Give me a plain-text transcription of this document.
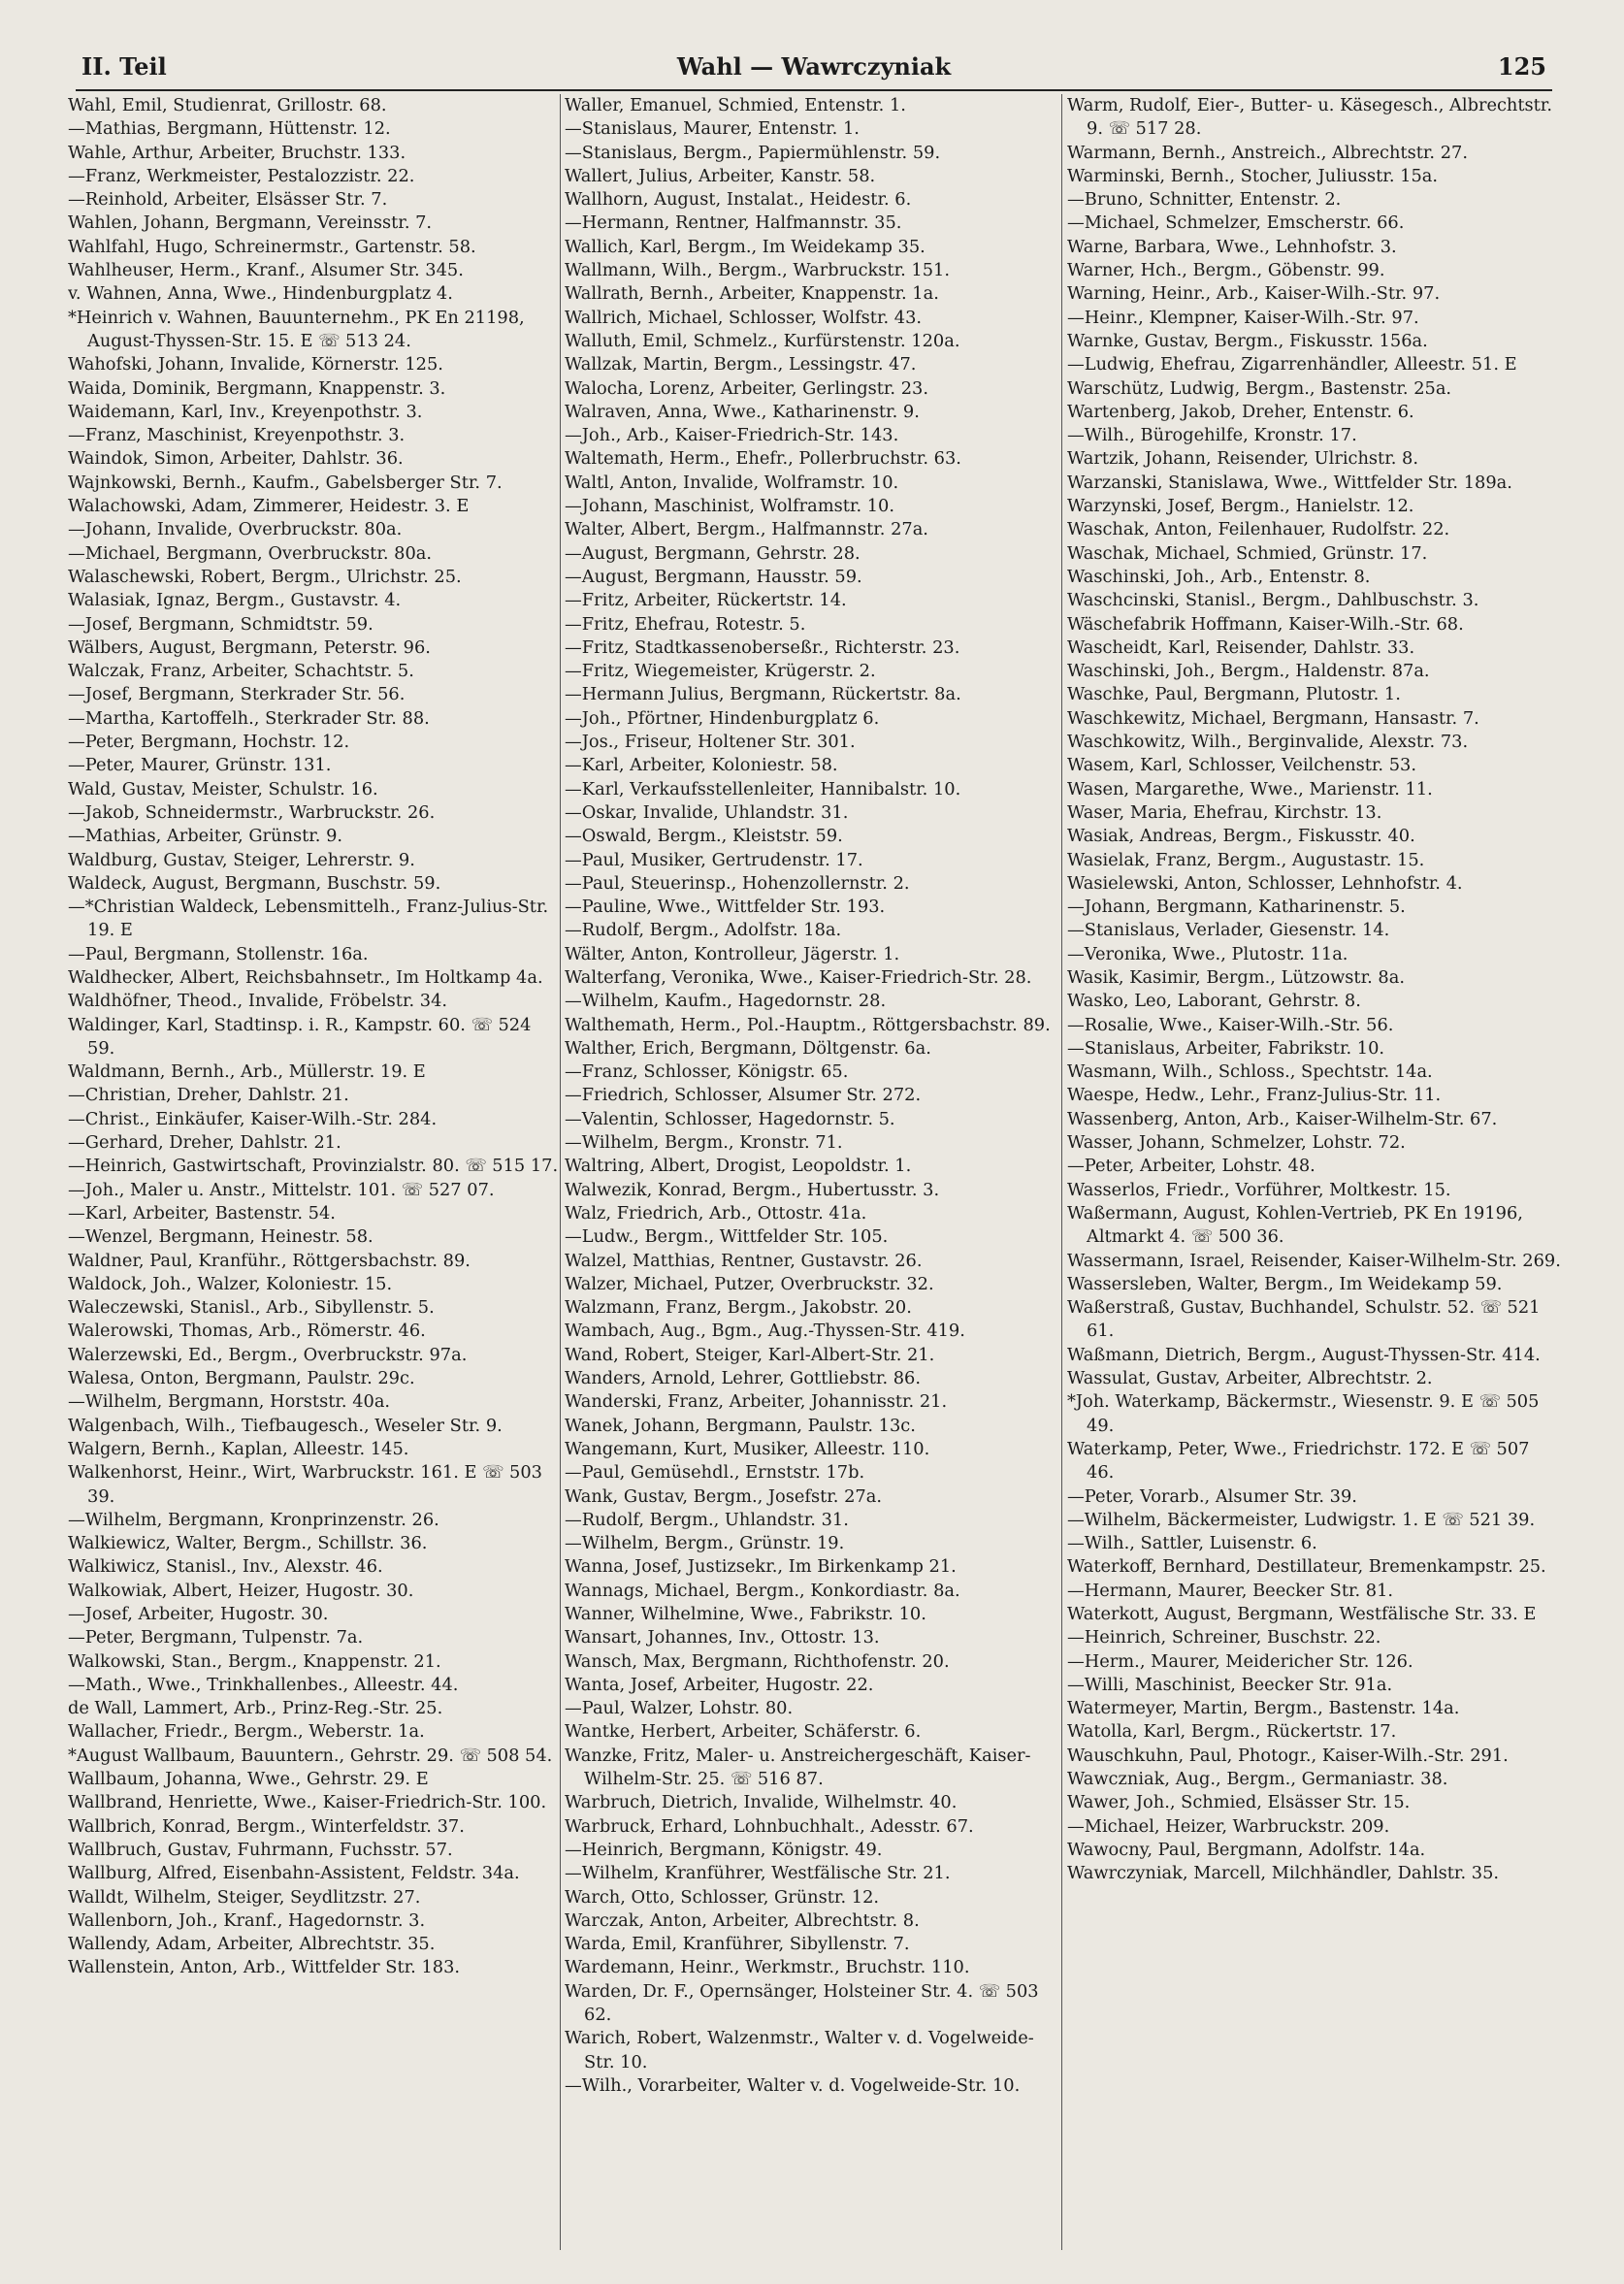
II. Teil	Wahl — Wawrczyniak	125

Wahl, Emil, Studienrat, Grillostr. 68.

—Mathias, Bergmann, Hüttenstr. 12.

Wahle, Arthur, Arbeiter, Bruchstr. 133.

—Franz, Werkmeister, Pestalozzistr. 22.

—Reinhold, Arbeiter, Elsässer Str. 7.

Wahlen, Johann, Bergmann, Vereinsstr. 7.

Wahlfahl, Hugo, Schreinermstr., Gartenstr. 58.

Wahlheuser, Herm., Kranf., Alsumer Str. 345.

v. Wahnen, Anna, Wwe., Hindenburgplatz 4.

*Heinrich v. Wahnen, Bauunternehm., PK En 21198, August-Thyssen-Str. 15. E ☏ 513 24.

Wahofski, Johann, Invalide, Körnerstr. 125.

Waida, Dominik, Bergmann, Knappenstr. 3.

Waidemann, Karl, Inv., Kreyenpothstr. 3.

—Franz, Maschinist, Kreyenpothstr. 3.

Waindok, Simon, Arbeiter, Dahlstr. 36.

Wajnkowski, Bernh., Kaufm., Gabelsberger Str. 7.

Walachowski, Adam, Zimmerer, Heidestr. 3. E

—Johann, Invalide, Overbruckstr. 80a.

—Michael, Bergmann, Overbruckstr. 80a.

Walaschewski, Robert, Bergm., Ulrichstr. 25.

Walasiak, Ignaz, Bergm., Gustavstr. 4.

—Josef, Bergmann, Schmidtstr. 59.

Wälbers, August, Bergmann, Peterstr. 96.

Walczak, Franz, Arbeiter, Schachtstr. 5.

—Josef, Bergmann, Sterkrader Str. 56.

—Martha, Kartoffelh., Sterkrader Str. 88.

—Peter, Bergmann, Hochstr. 12.

—Peter, Maurer, Grünstr. 131.

Wald, Gustav, Meister, Schulstr. 16.

—Jakob, Schneidermstr., Warbruckstr. 26.

—Mathias, Arbeiter, Grünstr. 9.

Waldburg, Gustav, Steiger, Lehrerstr. 9.

Waldeck, August, Bergmann, Buschstr. 59.

—*Christian Waldeck, Lebensmittelh., Franz-Julius-Str. 19. E

—Paul, Bergmann, Stollenstr. 16a.

Waldhecker, Albert, Reichsbahnsetr., Im Holtkamp 4a.

Waldhöfner, Theod., Invalide, Fröbelstr. 34.

Waldinger, Karl, Stadtinsp. i. R., Kampstr. 60. ☏ 524 59.

Waldmann, Bernh., Arb., Müllerstr. 19. E

—Christian, Dreher, Dahlstr. 21.

—Christ., Einkäufer, Kaiser-Wilh.-Str. 284.

—Gerhard, Dreher, Dahlstr. 21.

—Heinrich, Gastwirtschaft, Provinzialstr. 80. ☏ 515 17.

—Joh., Maler u. Anstr., Mittelstr. 101. ☏ 527 07.

—Karl, Arbeiter, Bastenstr. 54.

—Wenzel, Bergmann, Heinestr. 58.

Waldner, Paul, Kranführ., Röttgersbachstr. 89.

Waldock, Joh., Walzer, Koloniestr. 15.

Waleczewski, Stanisl., Arb., Sibyllenstr. 5.

Walerowski, Thomas, Arb., Römerstr. 46.

Walerzewski, Ed., Bergm., Overbruckstr. 97a.

Walesa, Onton, Bergmann, Paulstr. 29c.

—Wilhelm, Bergmann, Horststr. 40a.

Walgenbach, Wilh., Tiefbaugesch., Weseler Str. 9.

Walgern, Bernh., Kaplan, Alleestr. 145.

Walkenhorst, Heinr., Wirt, Warbruckstr. 161. E ☏ 503 39.

—Wilhelm, Bergmann, Kronprinzenstr. 26.

Walkiewicz, Walter, Bergm., Schillstr. 36.

Walkiwicz, Stanisl., Inv., Alexstr. 46.

Walkowiak, Albert, Heizer, Hugostr. 30.

—Josef, Arbeiter, Hugostr. 30.

—Peter, Bergmann, Tulpenstr. 7a.

Walkowski, Stan., Bergm., Knappenstr. 21.

—Math., Wwe., Trinkhallenbes., Alleestr. 44.

de Wall, Lammert, Arb., Prinz-Reg.-Str. 25.

Wallacher, Friedr., Bergm., Weberstr. 1a.

*August Wallbaum, Bauuntern., Gehrstr. 29. ☏ 508 54.

Wallbaum, Johanna, Wwe., Gehrstr. 29. E

Wallbrand, Henriette, Wwe., Kaiser-Friedrich-Str. 100.

Wallbrich, Konrad, Bergm., Winterfeldstr. 37.

Wallbruch, Gustav, Fuhrmann, Fuchsstr. 57.

Wallburg, Alfred, Eisenbahn-Assistent, Feldstr. 34a.

Walldt, Wilhelm, Steiger, Seydlitzstr. 27.

Wallenborn, Joh., Kranf., Hagedornstr. 3.

Wallendy, Adam, Arbeiter, Albrechtstr. 35.

Wallenstein, Anton, Arb., Wittfelder Str. 183.

Waller, Emanuel, Schmied, Entenstr. 1.

—Stanislaus, Maurer, Entenstr. 1.

—Stanislaus, Bergm., Papiermühlenstr. 59.

Wallert, Julius, Arbeiter, Kanstr. 58.

Wallhorn, August, Instalat., Heidestr. 6.

—Hermann, Rentner, Halfmannstr. 35.

Wallich, Karl, Bergm., Im Weidekamp 35.

Wallmann, Wilh., Bergm., Warbruckstr. 151.

Wallrath, Bernh., Arbeiter, Knappenstr. 1a.

Wallrich, Michael, Schlosser, Wolfstr. 43.

Walluth, Emil, Schmelz., Kurfürstenstr. 120a.

Wallzak, Martin, Bergm., Lessingstr. 47.

Walocha, Lorenz, Arbeiter, Gerlingstr. 23.

Walraven, Anna, Wwe., Katharinenstr. 9.

—Joh., Arb., Kaiser-Friedrich-Str. 143.

Waltemath, Herm., Ehefr., Pollerbruchstr. 63.

Waltl, Anton, Invalide, Wolframstr. 10.

—Johann, Maschinist, Wolframstr. 10.

Walter, Albert, Bergm., Halfmannstr. 27a.

—August, Bergmann, Gehrstr. 28.

—August, Bergmann, Hausstr. 59.

—Fritz, Arbeiter, Rückertstr. 14.

—Fritz, Ehefrau, Rotestr. 5.

—Fritz, Stadtkassenoberseßr., Richterstr. 23.

—Fritz, Wiegemeister, Krügerstr. 2.

—Hermann Julius, Bergmann, Rückertstr. 8a.

—Joh., Pförtner, Hindenburgplatz 6.

—Jos., Friseur, Holtener Str. 301.

—Karl, Arbeiter, Koloniestr. 58.

—Karl, Verkaufsstellenleiter, Hannibalstr. 10.

—Oskar, Invalide, Uhlandstr. 31.

—Oswald, Bergm., Kleiststr. 59.

—Paul, Musiker, Gertrudenstr. 17.

—Paul, Steuerinsp., Hohenzollernstr. 2.

—Pauline, Wwe., Wittfelder Str. 193.

—Rudolf, Bergm., Adolfstr. 18a.

Wälter, Anton, Kontrolleur, Jägerstr. 1.

Walterfang, Veronika, Wwe., Kaiser-Friedrich-Str. 28.

—Wilhelm, Kaufm., Hagedornstr. 28.

Walthemath, Herm., Pol.-Hauptm., Röttgersbachstr. 89.

Walther, Erich, Bergmann, Döltgenstr. 6a.

—Franz, Schlosser, Königstr. 65.

—Friedrich, Schlosser, Alsumer Str. 272.

—Valentin, Schlosser, Hagedornstr. 5.

—Wilhelm, Bergm., Kronstr. 71.

Waltring, Albert, Drogist, Leopoldstr. 1.

Walwezik, Konrad, Bergm., Hubertusstr. 3.

Walz, Friedrich, Arb., Ottostr. 41a.

—Ludw., Bergm., Wittfelder Str. 105.

Walzel, Matthias, Rentner, Gustavstr. 26.

Walzer, Michael, Putzer, Overbruckstr. 32.

Walzmann, Franz, Bergm., Jakobstr. 20.

Wambach, Aug., Bgm., Aug.-Thyssen-Str. 419.

Wand, Robert, Steiger, Karl-Albert-Str. 21.

Wanders, Arnold, Lehrer, Gottliebstr. 86.

Wanderski, Franz, Arbeiter, Johannisstr. 21.

Wanek, Johann, Bergmann, Paulstr. 13c.

Wangemann, Kurt, Musiker, Alleestr. 110.

—Paul, Gemüsehdl., Ernststr. 17b.

Wank, Gustav, Bergm., Josefstr. 27a.

—Rudolf, Bergm., Uhlandstr. 31.

—Wilhelm, Bergm., Grünstr. 19.

Wanna, Josef, Justizsekr., Im Birkenkamp 21.

Wannags, Michael, Bergm., Konkordiastr. 8a.

Wanner, Wilhelmine, Wwe., Fabrikstr. 10.

Wansart, Johannes, Inv., Ottostr. 13.

Wansch, Max, Bergmann, Richthofenstr. 20.

Wanta, Josef, Arbeiter, Hugostr. 22.

—Paul, Walzer, Lohstr. 80.

Wantke, Herbert, Arbeiter, Schäferstr. 6.

Wanzke, Fritz, Maler- u. Anstreichergeschäft, Kaiser-Wilhelm-Str. 25. ☏ 516 87.

Warbruch, Dietrich, Invalide, Wilhelmstr. 40.

Warbruck, Erhard, Lohnbuchhalt., Adesstr. 67.

—Heinrich, Bergmann, Königstr. 49.

—Wilhelm, Kranführer, Westfälische Str. 21.

Warch, Otto, Schlosser, Grünstr. 12.

Warczak, Anton, Arbeiter, Albrechtstr. 8.

Warda, Emil, Kranführer, Sibyllenstr. 7.

Wardemann, Heinr., Werkmstr., Bruchstr. 110.

Warden, Dr. F., Opernsänger, Holsteiner Str. 4. ☏ 503 62.

Warich, Robert, Walzenmstr., Walter v. d. Vogelweide-Str. 10.

—Wilh., Vorarbeiter, Walter v. d. Vogelweide-Str. 10.

Warm, Rudolf, Eier-, Butter- u. Käsegesch., Albrechtstr. 9. ☏ 517 28.

Warmann, Bernh., Anstreich., Albrechtstr. 27.

Warminski, Bernh., Stocher, Juliusstr. 15a.

—Bruno, Schnitter, Entenstr. 2.

—Michael, Schmelzer, Emscherstr. 66.

Warne, Barbara, Wwe., Lehnhofstr. 3.

Warner, Hch., Bergm., Göbenstr. 99.

Warning, Heinr., Arb., Kaiser-Wilh.-Str. 97.

—Heinr., Klempner, Kaiser-Wilh.-Str. 97.

Warnke, Gustav, Bergm., Fiskusstr. 156a.

—Ludwig, Ehefrau, Zigarrenhändler, Alleestr. 51. E

Warschütz, Ludwig, Bergm., Bastenstr. 25a.

Wartenberg, Jakob, Dreher, Entenstr. 6.

—Wilh., Bürogehilfe, Kronstr. 17.

Wartzik, Johann, Reisender, Ulrichstr. 8.

Warzanski, Stanislawa, Wwe., Wittfelder Str. 189a.

Warzynski, Josef, Bergm., Hanielstr. 12.

Waschak, Anton, Feilenhauer, Rudolfstr. 22.

Waschak, Michael, Schmied, Grünstr. 17.

Waschinski, Joh., Arb., Entenstr. 8.

Waschcinski, Stanisl., Bergm., Dahlbuschstr. 3.

Wäschefabrik Hoffmann, Kaiser-Wilh.-Str. 68.

Wascheidt, Karl, Reisender, Dahlstr. 33.

Waschinski, Joh., Bergm., Haldenstr. 87a.

Waschke, Paul, Bergmann, Plutostr. 1.

Waschkewitz, Michael, Bergmann, Hansastr. 7.

Waschkowitz, Wilh., Berginvalide, Alexstr. 73.

Wasem, Karl, Schlosser, Veilchenstr. 53.

Wasen, Margarethe, Wwe., Marienstr. 11.

Waser, Maria, Ehefrau, Kirchstr. 13.

Wasiak, Andreas, Bergm., Fiskusstr. 40.

Wasielak, Franz, Bergm., Augustastr. 15.

Wasielewski, Anton, Schlosser, Lehnhofstr. 4.

—Johann, Bergmann, Katharinenstr. 5.

—Stanislaus, Verlader, Giesenstr. 14.

—Veronika, Wwe., Plutostr. 11a.

Wasik, Kasimir, Bergm., Lützowstr. 8a.

Wasko, Leo, Laborant, Gehrstr. 8.

—Rosalie, Wwe., Kaiser-Wilh.-Str. 56.

—Stanislaus, Arbeiter, Fabrikstr. 10.

Wasmann, Wilh., Schloss., Spechtstr. 14a.

Waespe, Hedw., Lehr., Franz-Julius-Str. 11.

Wassenberg, Anton, Arb., Kaiser-Wilhelm-Str. 67.

Wasser, Johann, Schmelzer, Lohstr. 72.

—Peter, Arbeiter, Lohstr. 48.

Wasserlos, Friedr., Vorführer, Moltkestr. 15.

Waßermann, August, Kohlen-Vertrieb, PK En 19196, Altmarkt 4. ☏ 500 36.

Wassermann, Israel, Reisender, Kaiser-Wilhelm-Str. 269.

Wassersleben, Walter, Bergm., Im Weidekamp 59.

Waßerstraß, Gustav, Buchhandel, Schulstr. 52. ☏ 521 61.

Waßmann, Dietrich, Bergm., August-Thyssen-Str. 414.

Wassulat, Gustav, Arbeiter, Albrechtstr. 2.

*Joh. Waterkamp, Bäckermstr., Wiesenstr. 9. E ☏ 505 49.

Waterkamp, Peter, Wwe., Friedrichstr. 172. E ☏ 507 46.

—Peter, Vorarb., Alsumer Str. 39.

—Wilhelm, Bäckermeister, Ludwigstr. 1. E ☏ 521 39.

—Wilh., Sattler, Luisenstr. 6.

Waterkoff, Bernhard, Destillateur, Bremenkampstr. 25.

—Hermann, Maurer, Beecker Str. 81.

Waterkott, August, Bergmann, Westfälische Str. 33. E

—Heinrich, Schreiner, Buschstr. 22.

—Herm., Maurer, Meidericher Str. 126.

—Willi, Maschinist, Beecker Str. 91a.

Watermeyer, Martin, Bergm., Bastenstr. 14a.

Watolla, Karl, Bergm., Rückertstr. 17.

Wauschkuhn, Paul, Photogr., Kaiser-Wilh.-Str. 291.

Wawczniak, Aug., Bergm., Germaniastr. 38.

Wawer, Joh., Schmied, Elsässer Str. 15.

—Michael, Heizer, Warbruckstr. 209.

Wawocny, Paul, Bergmann, Adolfstr. 14a.

Wawrczyniak, Marcell, Milchhändler, Dahlstr. 35.
